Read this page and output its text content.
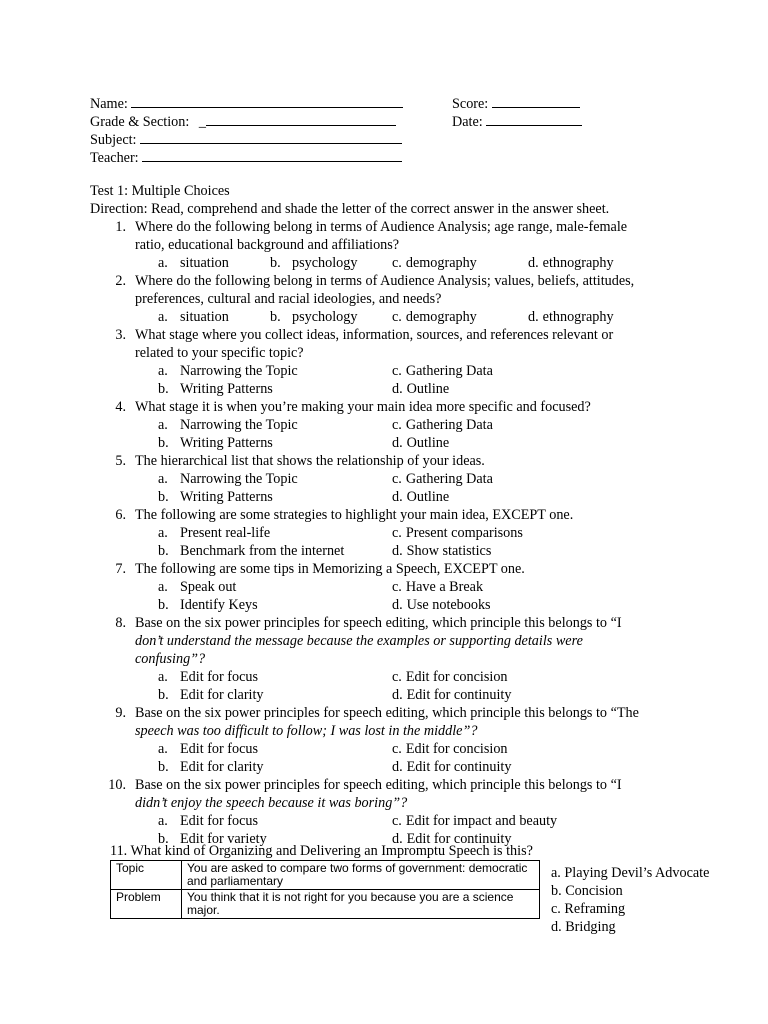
Name:
Grade & Section: _
Subject:
Teacher:
Score:
Date:
Test 1: Multiple Choices
Direction: Read, comprehend and shade the letter of the correct answer in the answer sheet.
1. Where do the following belong in terms of Audience Analysis; age range, male-female
ratio, educational background and affiliations?
a. situation	b. psychology c. demography	d. ethnography
2. Where do the following belong in terms of Audience Analysis; values, beliefs, attitudes,
preferences, cultural and racial ideologies, and needs?
a. situation	b. psychology c. demography	d. ethnography
3. What stage where you collect ideas, information, sources, and references relevant or
related to your specific topic?
a. Narrowing the Topic	c. Gathering Data
b. Writing Patterns	d. Outline
4. What stage it is when you’re making your main idea more specific and focused?
a. Narrowing the Topic	c. Gathering Data
b. Writing Patterns	d. Outline
5. The hierarchical list that shows the relationship of your ideas.
a. Narrowing the Topic	c. Gathering Data
b. Writing Patterns	d. Outline
6. The following are some strategies to highlight your main idea, EXCEPT one.
a. Present real-life	c. Present comparisons
b. Benchmark from the internet	d. Show statistics
7. The following are some tips in Memorizing a Speech, EXCEPT one.
a. Speak out	c. Have a Break
b. Identify Keys	d. Use notebooks
8. Base on the six power principles for speech editing, which principle this belongs to “I
don’t understand the message because the examples or supporting details were
confusing”?
a. Edit for focus	c. Edit for concision
b. Edit for clarity	d. Edit for continuity
9. Base on the six power principles for speech editing, which principle this belongs to “The
speech was too difficult to follow; I was lost in the middle”?
a. Edit for focus	c. Edit for concision
b. Edit for clarity	d. Edit for continuity
10. Base on the six power principles for speech editing, which principle this belongs to “I
didn’t enjoy the speech because it was boring”?
a. Edit for focus	c. Edit for impact and beauty
b. Edit for variety	d. Edit for continuity
11. What kind of Organizing and Delivering an Impromptu Speech is this?
Topic	You are asked to compare two forms of government: democratic and parliamentary
Problem	You think that it is not right for you because you are a science major.
a. Playing Devil’s Advocate
b. Concision
c. Reframing
d. Bridging
